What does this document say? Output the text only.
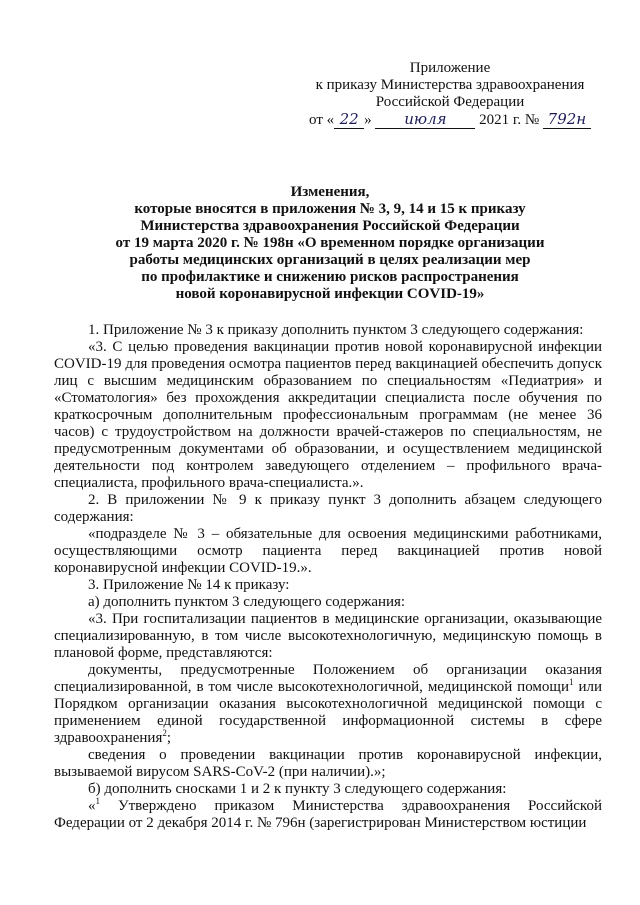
Приложение
к приказу Министерства здравоохранения
Российской Федерации
от « 22 » июля 2021 г. № 792н
Изменения,
которые вносятся в приложения № 3, 9, 14 и 15 к приказу
Министерства здравоохранения Российской Федерации
от 19 марта 2020 г. № 198н «О временном порядке организации
работы медицинских организаций в целях реализации мер
по профилактике и снижению рисков распространения
новой коронавирусной инфекции COVID-19»

1. Приложение № 3 к приказу дополнить пунктом 3 следующего содержания:

«3. С целью проведения вакцинации против новой коронавирусной инфекции COVID-19 для проведения осмотра пациентов перед вакцинацией обеспечить допуск лиц с высшим медицинским образованием по специальностям «Педиатрия» и «Стоматология» без прохождения аккредитации специалиста после обучения по краткосрочным дополнительным профессиональным программам (не менее 36 часов) с трудоустройством на должности врачей-стажеров по специальностям, не предусмотренным документами об образовании, и осуществлением медицинской деятельности под контролем заведующего отделением – профильного врача-специалиста, профильного врача-специалиста.».

2. В приложении № 9 к приказу пункт 3 дополнить абзацем следующего содержания:

«подразделе № 3 – обязательные для освоения медицинскими работниками, осуществляющими осмотр пациента перед вакцинацией против новой коронавирусной инфекции COVID-19.».

3. Приложение № 14 к приказу:

а) дополнить пунктом 3 следующего содержания:

«3. При госпитализации пациентов в медицинские организации, оказывающие специализированную, в том числе высокотехнологичную, медицинскую помощь в плановой форме, представляются:

документы, предусмотренные Положением об организации оказания специализированной, в том числе высокотехнологичной, медицинской помощи$^1$ или Порядком организации оказания высокотехнологичной медицинской помощи с применением единой государственной информационной системы в сфере здравоохранения$^2$;

сведения о проведении вакцинации против коронавирусной инфекции, вызываемой вирусом SARS-CoV-2 (при наличии).»;

б) дополнить сносками 1 и 2 к пункту 3 следующего содержания:

«$^1$ Утверждено приказом Министерства здравоохранения Российской Федерации от 2 декабря 2014 г. № 796н (зарегистрирован Министерством юстиции
